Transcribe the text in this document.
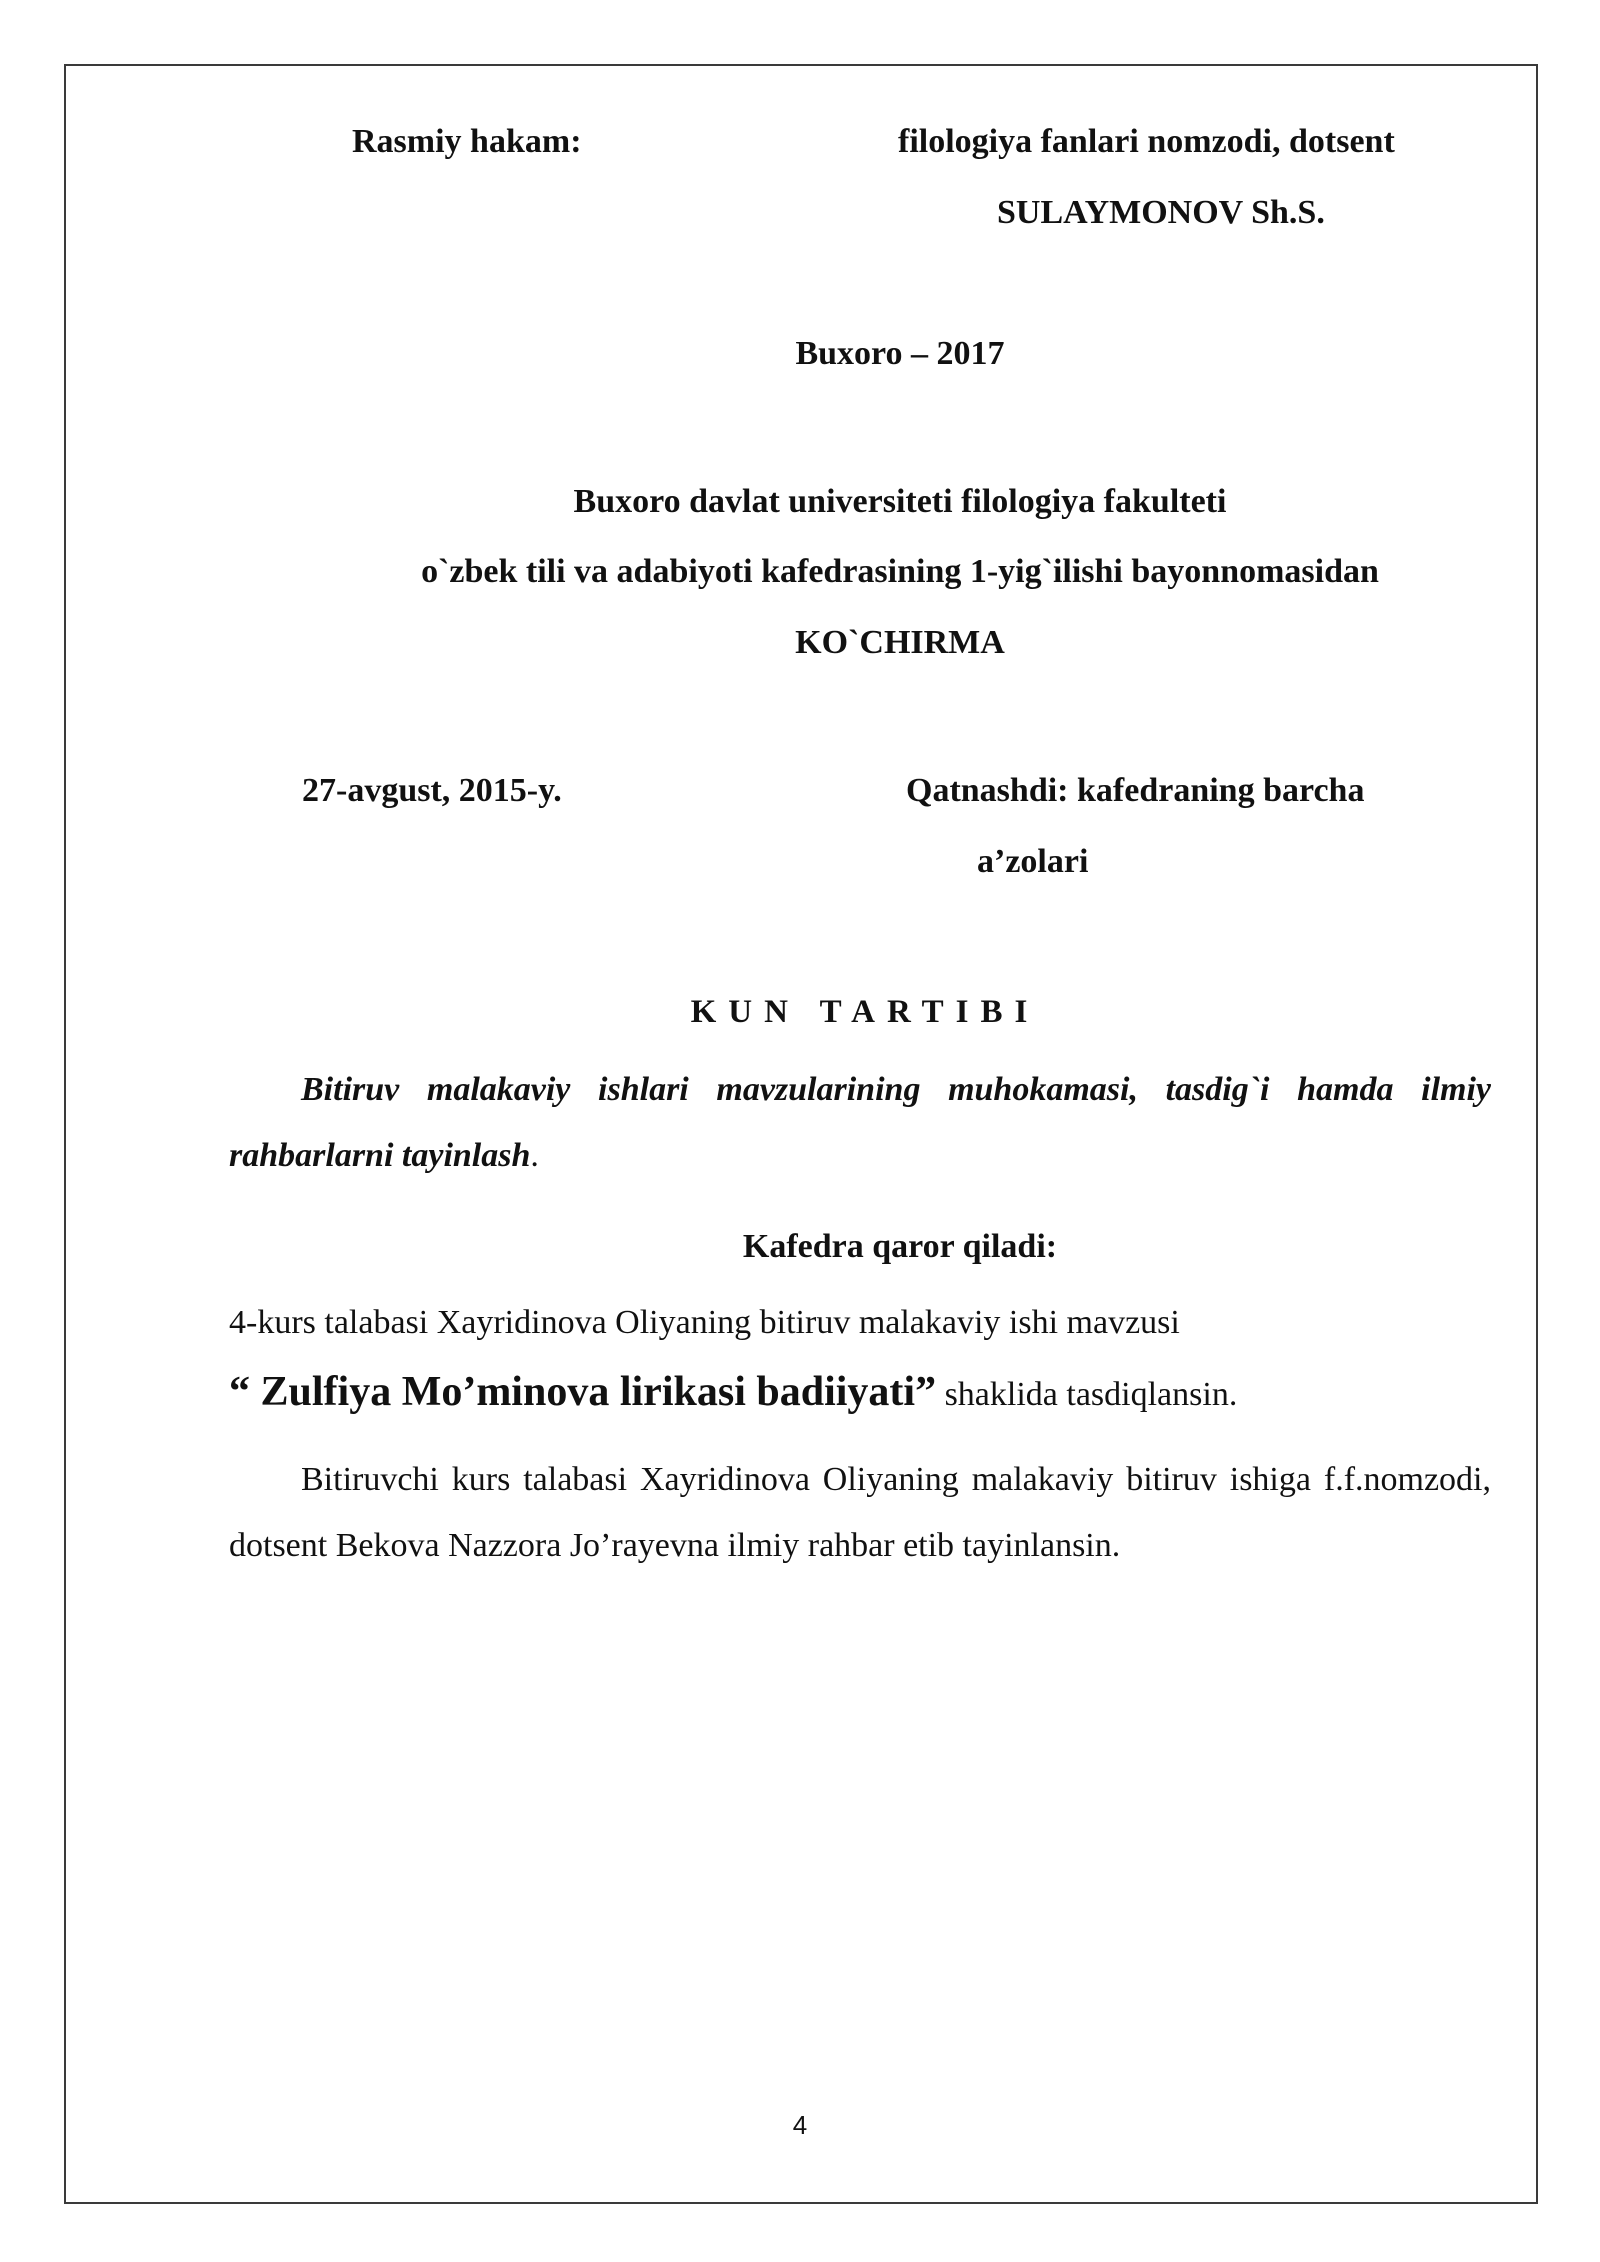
Rasmiy hakam:	filologiya fanlari nomzodi, dotsent
SULAYMONOV Sh.S.
Buxoro – 2017
Buxoro davlat universiteti filologiya fakulteti
o`zbek tili va adabiyoti kafedrasining 1-yig`ilishi bayonnomasidan
KO`CHIRMA
27-avgust, 2015-y.	Qatnashdi: kafedraning barcha
a’zolari
KUN TARTIBI
Bitiruv malakaviy ishlari mavzularining muhokamasi, tasdig`i hamda ilmiy rahbarlarni tayinlash.
Kafedra qaror qiladi:
4-kurs talabasi Xayridinova Oliyaning bitiruv malakaviy ishi mavzusi
“ Zulfiya Mo’minova lirikasi badiiyati” shaklida tasdiqlansin.
Bitiruvchi kurs talabasi Xayridinova Oliyaning malakaviy bitiruv ishiga f.f.nomzodi, dotsent Bekova Nazzora Jo’rayevna ilmiy rahbar etib tayinlansin.
4
